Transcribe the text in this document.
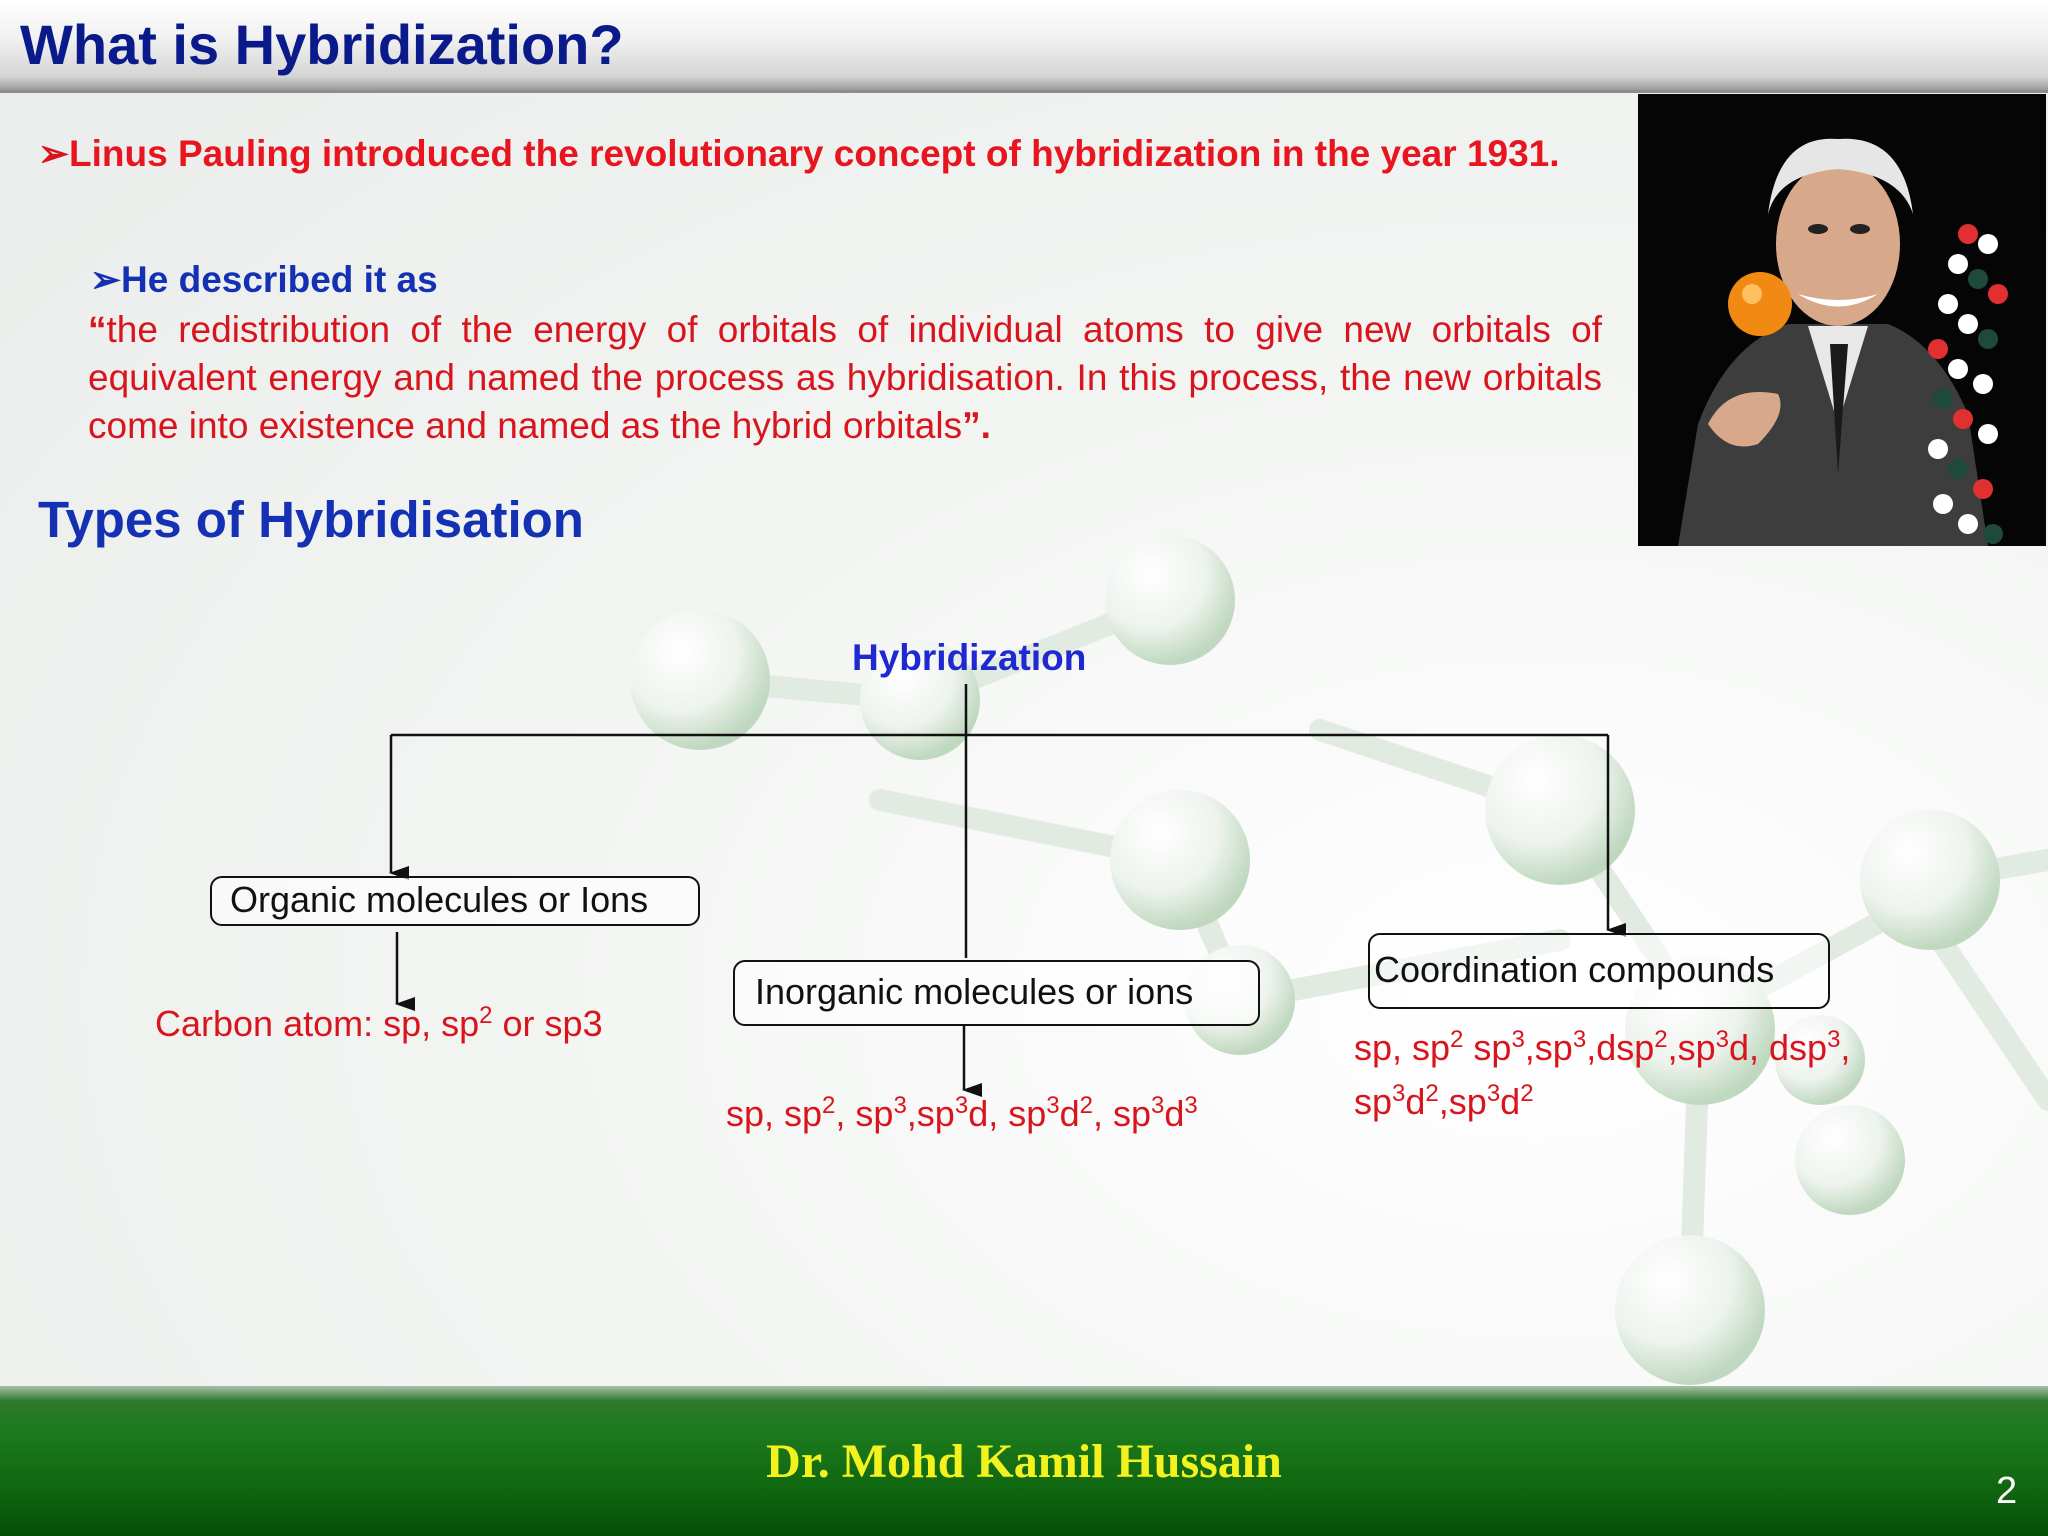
What is Hybridization?
➢Linus Pauling introduced the revolutionary concept of hybridization in the year 1931.
➢He described it as
“the redistribution of the energy of orbitals of individual atoms to give new orbitals of equivalent energy and named the process as hybridisation. In this process, the new orbitals come into existence and named as the hybrid orbitals”.
Types of Hybridisation
Hybridization
Organic molecules or Ions
Inorganic molecules or ions
Coordination compounds
Carbon atom: sp, $sp^2$ or sp3
sp, $sp^2$, $sp^3,sp^3d$, $sp^3d^2$, $sp^3d^3$
sp, $sp^2$ $sp^3,sp^3,dsp^2,sp^3d$, dsp$^3$,
$sp^3d^2,sp^3d^2$
Dr. Mohd Kamil Hussain
2
